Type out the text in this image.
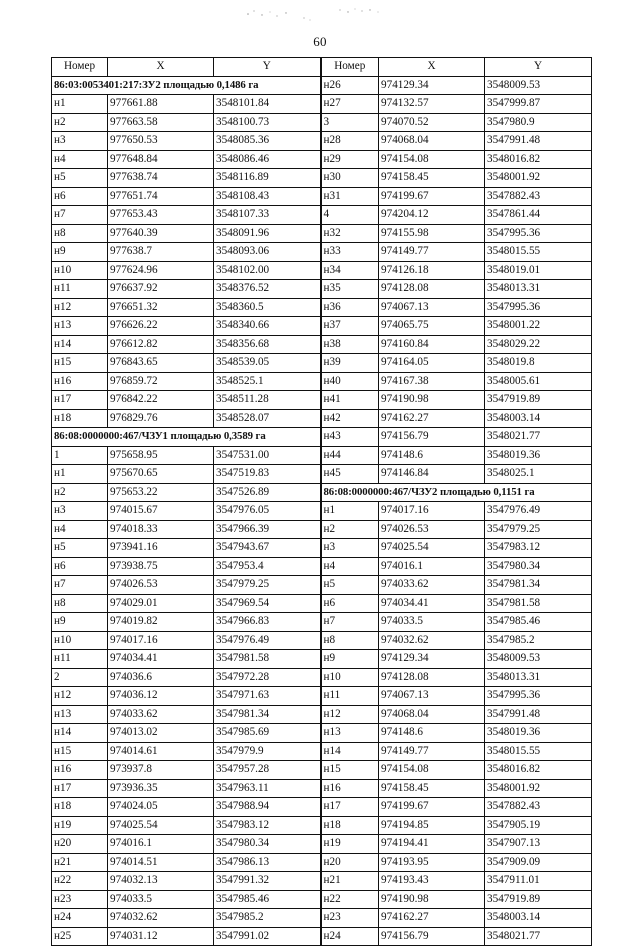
60
Номер	X	Y	Номер	X	Y
86:03:0053401:217:ЗУ2 площадью 0,1486 га			н26	974129.34	3548009.53
н1	977661.88	3548101.84	н27	974132.57	3547999.87
н2	977663.58	3548100.73	3	974070.52	3547980.9
н3	977650.53	3548085.36	н28	974068.04	3547991.48
н4	977648.84	3548086.46	н29	974154.08	3548016.82
н5	977638.74	3548116.89	н30	974158.45	3548001.92
н6	977651.74	3548108.43	н31	974199.67	3547882.43
н7	977653.43	3548107.33	4	974204.12	3547861.44
н8	977640.39	3548091.96	н32	974155.98	3547995.36
н9	977638.7	3548093.06	н33	974149.77	3548015.55
н10	977624.96	3548102.00	н34	974126.18	3548019.01
н11	976637.92	3548376.52	н35	974128.08	3548013.31
н12	976651.32	3548360.5	н36	974067.13	3547995.36
н13	976626.22	3548340.66	н37	974065.75	3548001.22
н14	976612.82	3548356.68	н38	974160.84	3548029.22
н15	976843.65	3548539.05	н39	974164.05	3548019.8
н16	976859.72	3548525.1	н40	974167.38	3548005.61
н17	976842.22	3548511.28	н41	974190.98	3547919.89
н18	976829.76	3548528.07	н42	974162.27	3548003.14
86:08:0000000:467/ЧЗУ1 площадью 0,3589 га			н43	974156.79	3548021.77
1	975658.95	3547531.00	н44	974148.6	3548019.36
н1	975670.65	3547519.83	н45	974146.84	3548025.1
н2	975653.22	3547526.89	86:08:0000000:467/ЧЗУ2 площадью 0,1151 га		
н3	974015.67	3547976.05	н1	974017.16	3547976.49
н4	974018.33	3547966.39	н2	974026.53	3547979.25
н5	973941.16	3547943.67	н3	974025.54	3547983.12
н6	973938.75	3547953.4	н4	974016.1	3547980.34
н7	974026.53	3547979.25	н5	974033.62	3547981.34
н8	974029.01	3547969.54	н6	974034.41	3547981.58
н9	974019.82	3547966.83	н7	974033.5	3547985.46
н10	974017.16	3547976.49	н8	974032.62	3547985.2
н11	974034.41	3547981.58	н9	974129.34	3548009.53
2	974036.6	3547972.28	н10	974128.08	3548013.31
н12	974036.12	3547971.63	н11	974067.13	3547995.36
н13	974033.62	3547981.34	н12	974068.04	3547991.48
н14	974013.02	3547985.69	н13	974148.6	3548019.36
н15	974014.61	3547979.9	н14	974149.77	3548015.55
н16	973937.8	3547957.28	н15	974154.08	3548016.82
н17	973936.35	3547963.11	н16	974158.45	3548001.92
н18	974024.05	3547988.94	н17	974199.67	3547882.43
н19	974025.54	3547983.12	н18	974194.85	3547905.19
н20	974016.1	3547980.34	н19	974194.41	3547907.13
н21	974014.51	3547986.13	н20	974193.95	3547909.09
н22	974032.13	3547991.32	н21	974193.43	3547911.01
н23	974033.5	3547985.46	н22	974190.98	3547919.89
н24	974032.62	3547985.2	н23	974162.27	3548003.14
н25	974031.12	3547991.02	н24	974156.79	3548021.77
